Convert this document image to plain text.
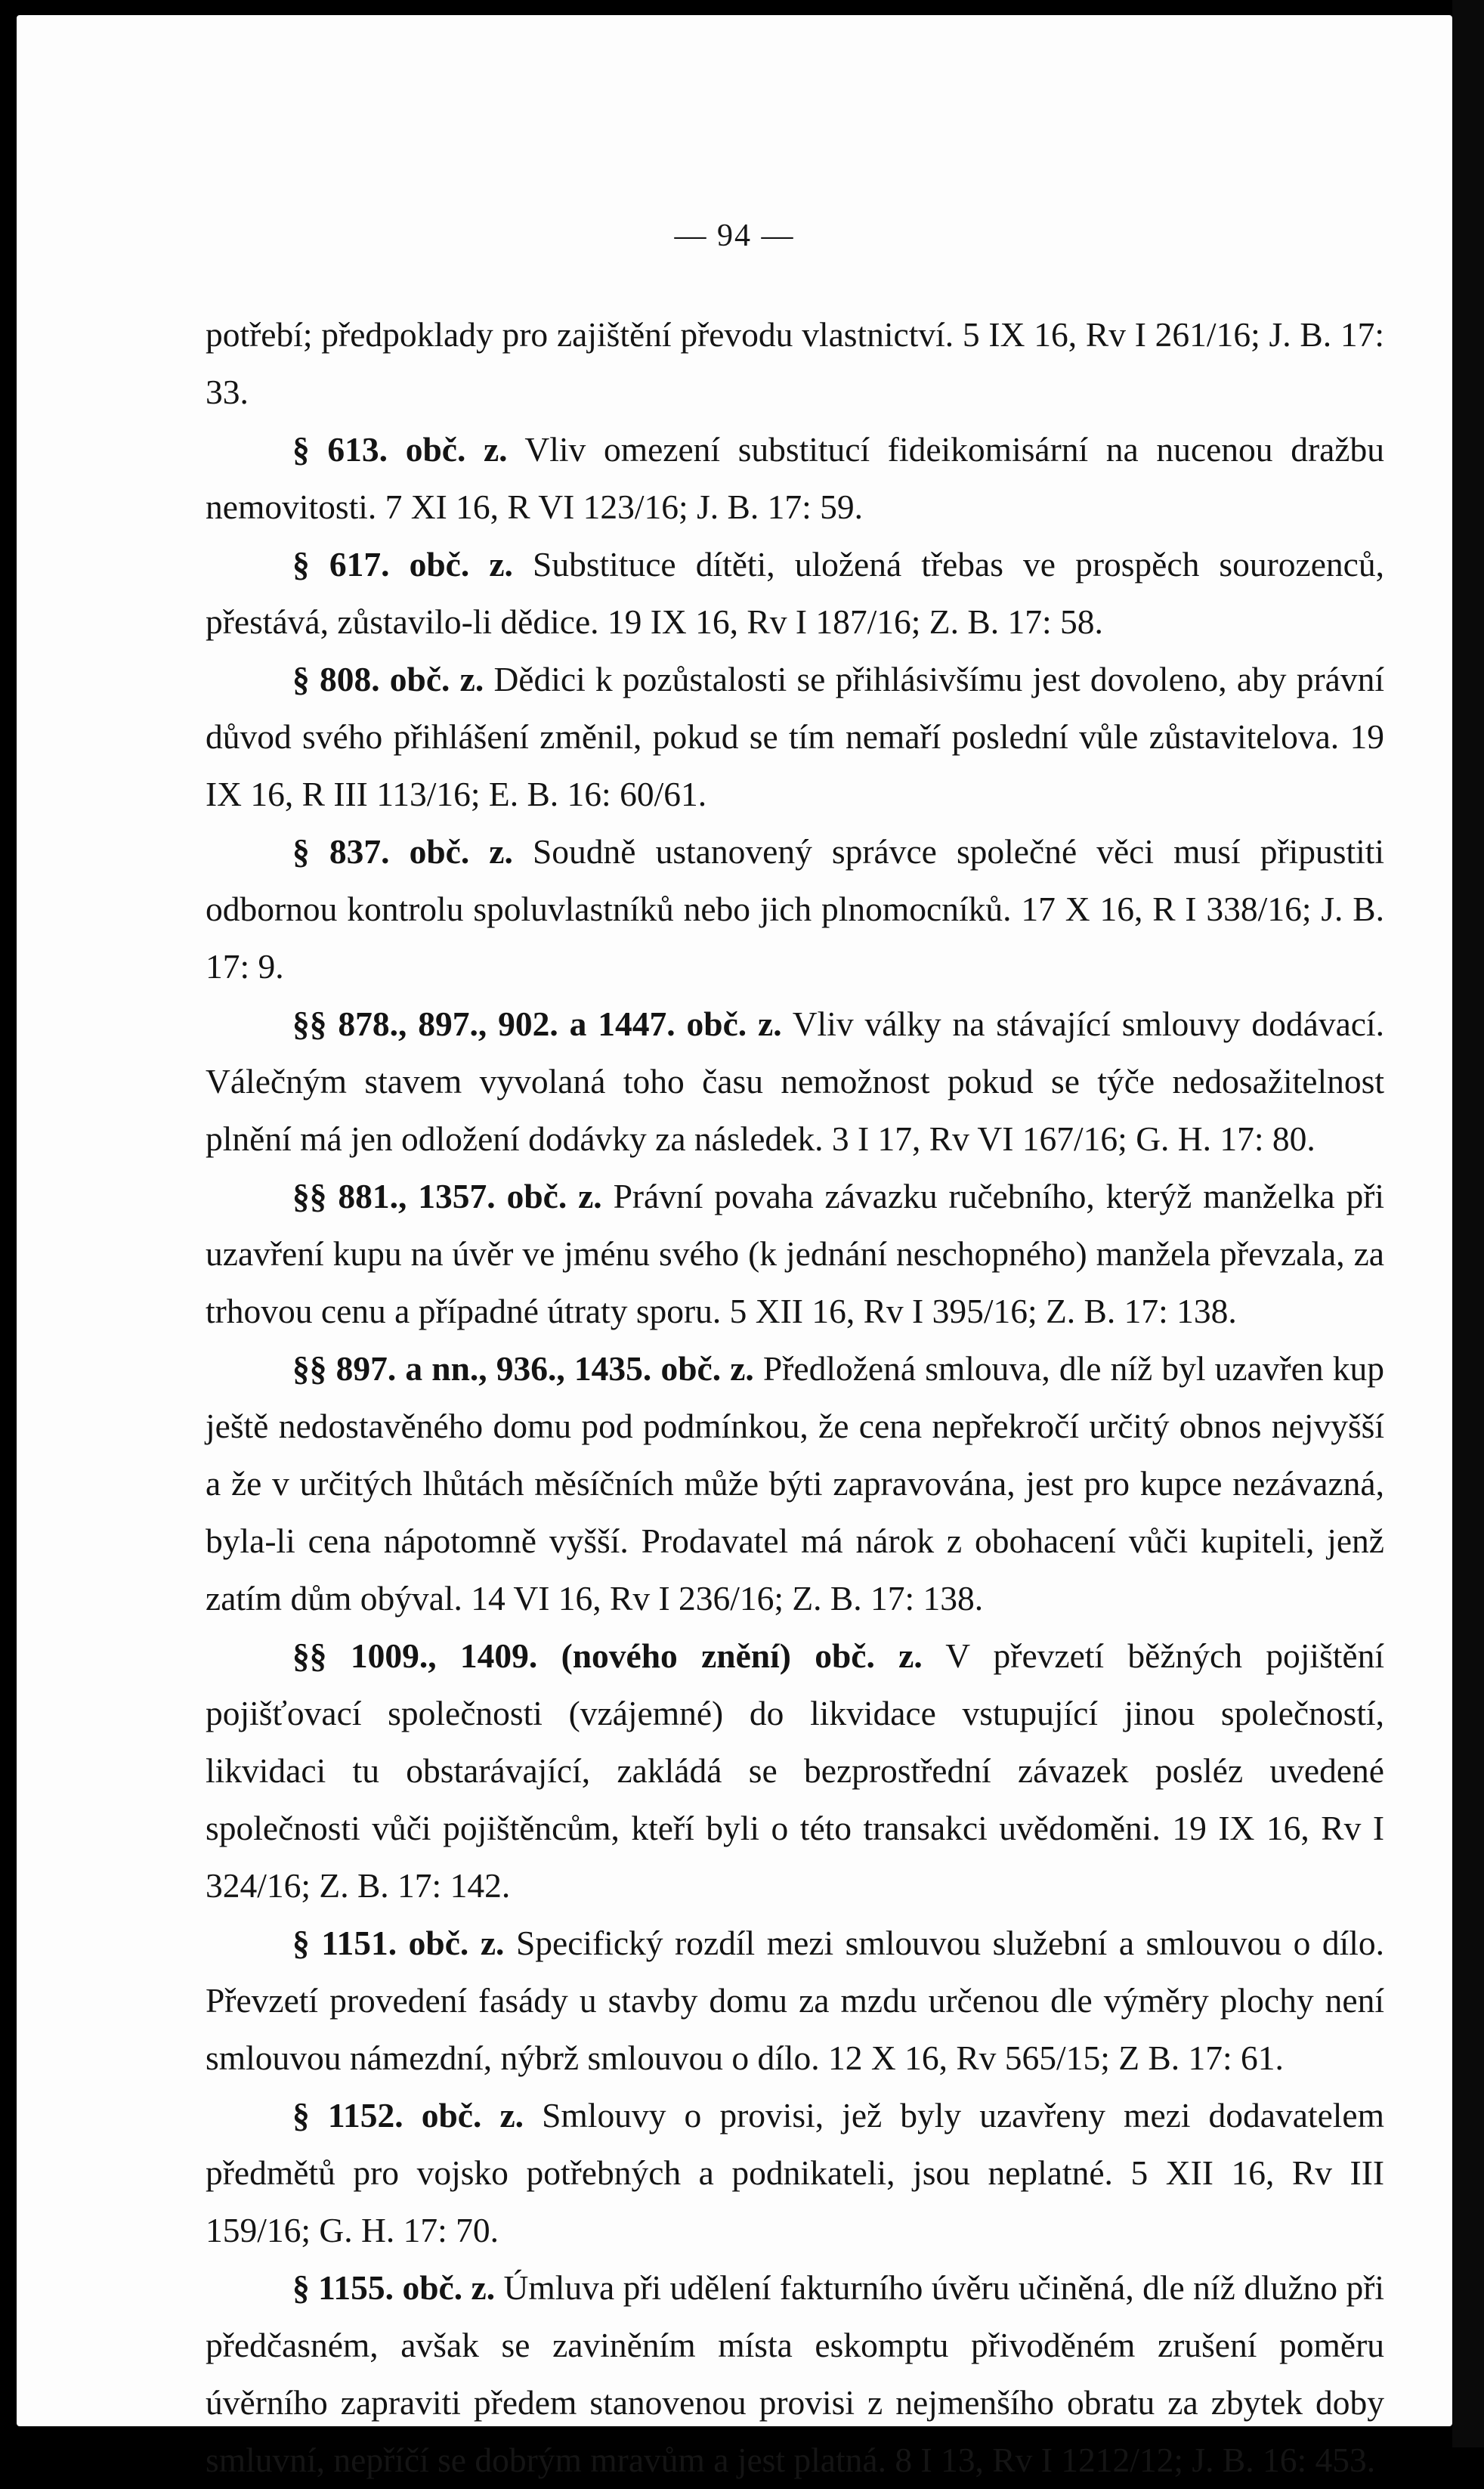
— 94 —

potřebí; předpoklady pro zajištění převodu vlastnictví. 5 IX 16, Rv I 261/16; J. B. 17: 33.

§ 613. obč. z. Vliv omezení substitucí fideikomisární na nucenou dražbu nemovitosti. 7 XI 16, R VI 123/16; J. B. 17: 59.

§ 617. obč. z. Substituce dítěti, uložená třebas ve prospěch sourozenců, přestává, zůstavilo-li dědice. 19 IX 16, Rv I 187/16; Z. B. 17: 58.

§ 808. obč. z. Dědici k pozůstalosti se přihlásivšímu jest dovoleno, aby právní důvod svého přihlášení změnil, pokud se tím nemaří poslední vůle zůstavitelova. 19 IX 16, R III 113/16; E. B. 16: 60/61.

§ 837. obč. z. Soudně ustanovený správce společné věci musí připustiti odbornou kontrolu spoluvlastníků nebo jich plnomocníků. 17 X 16, R I 338/16; J. B. 17: 9.

§§ 878., 897., 902. a 1447. obč. z. Vliv války na stávající smlouvy dodávací. Válečným stavem vyvolaná toho času nemožnost pokud se týče nedosažitelnost plnění má jen odložení dodávky za následek. 3 I 17, Rv VI 167/16; G. H. 17: 80.

§§ 881., 1357. obč. z. Právní povaha závazku ručebního, kterýž manželka při uzavření kupu na úvěr ve jménu svého (k jednání neschopného) manžela převzala, za trhovou cenu a případné útraty sporu. 5 XII 16, Rv I 395/16; Z. B. 17: 138.

§§ 897. a nn., 936., 1435. obč. z. Předložená smlouva, dle níž byl uzavřen kup ještě nedostavěného domu pod podmínkou, že cena nepřekročí určitý obnos nejvyšší a že v určitých lhůtách měsíčních může býti zapravována, jest pro kupce nezávazná, byla-li cena nápotomně vyšší. Prodavatel má nárok z obohacení vůči kupiteli, jenž zatím dům obýval. 14 VI 16, Rv I 236/16; Z. B. 17: 138.

§§ 1009., 1409. (nového znění) obč. z. V převzetí běžných pojištění pojišťovací společnosti (vzájemné) do likvidace vstupující jinou společností, likvidaci tu obstarávající, zakládá se bezprostřední závazek posléz uvedené společnosti vůči pojištěncům, kteří byli o této transakci uvědoměni. 19 IX 16, Rv I 324/16; Z. B. 17: 142.

§ 1151. obč. z. Specifický rozdíl mezi smlouvou služební a smlouvou o dílo. Převzetí provedení fasády u stavby domu za mzdu určenou dle výměry plochy není smlouvou námezdní, nýbrž smlouvou o dílo. 12 X 16, Rv 565/15; Z B. 17: 61.

§ 1152. obč. z. Smlouvy o provisi, jež byly uzavřeny mezi dodavatelem předmětů pro vojsko potřebných a podnikateli, jsou neplatné. 5 XII 16, Rv III 159/16; G. H. 17: 70.

§ 1155. obč. z. Úmluva při udělení fakturního úvěru učiněná, dle níž dlužno při předčasném, avšak se zaviněním místa eskomptu přivoděném zrušení poměru úvěrního zapraviti předem stanovenou provisi z nejmenšího obratu za zbytek doby smluvní, nepříčí se dobrým mravům a jest platná. 8 I 13, Rv I 1212/12; J. B. 16: 453.
